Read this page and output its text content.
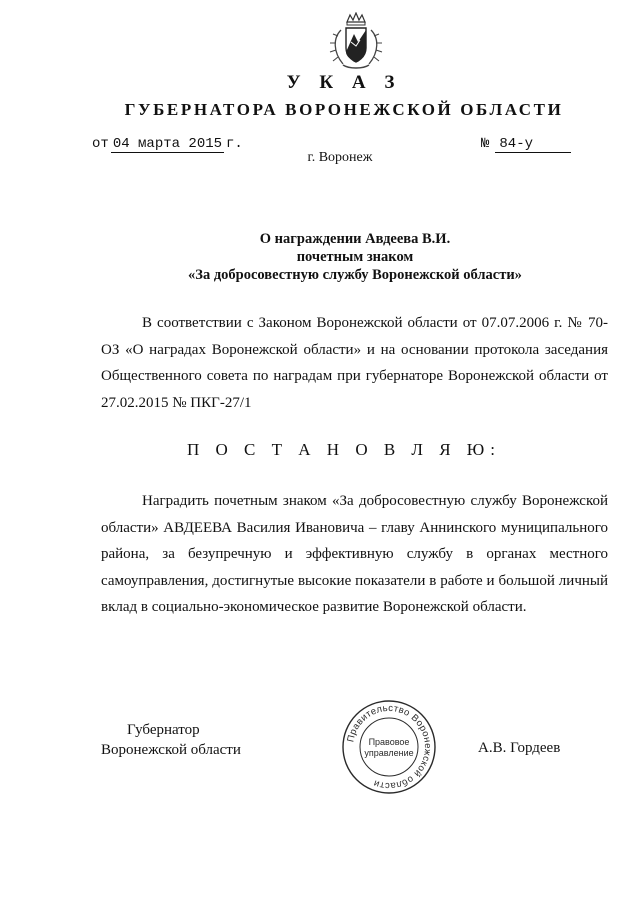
У К А З
ГУБЕРНАТОРА ВОРОНЕЖСКОЙ ОБЛАСТИ
от 04 марта 2015 г.	№ 84-у
г. Воронеж
О награждении Авдеева В.И.
почетным знаком
«За добросовестную службу Воронежской области»

В соответствии с Законом Воронежской области от 07.07.2006 г. № 70-ОЗ «О наградах Воронежской области» и на основании протокола заседания Общественного совета по наградам при губернаторе Воронежской области от 27.02.2015 № ПКГ-27/1

П О С Т А Н О В Л Я Ю:

Наградить почетным знаком «За добросовестную службу Воронежской области» АВДЕЕВА Василия Ивановича – главу Аннинского муниципального района, за безупречную и эффективную службу в органах местного самоуправления, достигнутые высокие показатели в работе и большой личный вклад в социально-экономическое развитие Воронежской области.

Губернатор
Воронежской области
Правительство Воронежской области
Правовое
управление	А.В. Гордеев
